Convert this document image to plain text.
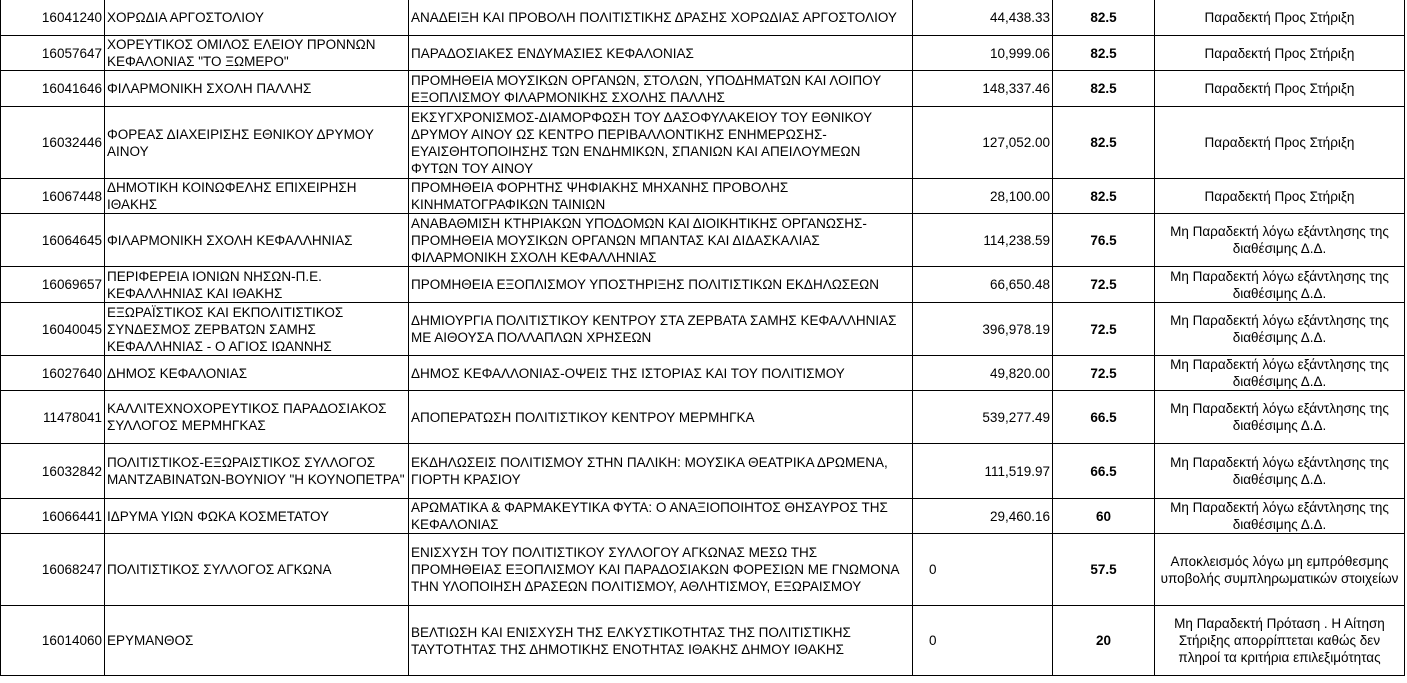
16041240	ΧΟΡΩΔΙΑ ΑΡΓΟΣΤΟΛΙΟΥ	ΑΝΑΔΕΙΞΗ ΚΑΙ ΠΡΟΒΟΛΗ ΠΟΛΙΤΙΣΤΙΚΗΣ ΔΡΑΣΗΣ ΧΟΡΩΔΙΑΣ ΑΡΓΟΣΤΟΛΙΟΥ	44,438.33	82.5	Παραδεκτή Προς Στήριξη
16057647	ΧΟΡΕΥΤΙΚΟΣ ΟΜΙΛΟΣ ΕΛΕΙΟΥ ΠΡΟΝΝΩΝ ΚΕΦΑΛΟΝΙΑΣ "ΤΟ ΞΩΜΕΡΟ"	ΠΑΡΑΔΟΣΙΑΚΕΣ ΕΝΔΥΜΑΣΙΕΣ ΚΕΦΑΛΟΝΙΑΣ	10,999.06	82.5	Παραδεκτή Προς Στήριξη
16041646	ΦΙΛΑΡΜΟΝΙΚΗ ΣΧΟΛΗ ΠΑΛΛΗΣ	ΠΡΟΜΗΘΕΙΑ ΜΟΥΣΙΚΩΝ ΟΡΓΑΝΩΝ, ΣΤΟΛΩΝ, ΥΠΟΔΗΜΑΤΩΝ ΚΑΙ ΛΟΙΠΟΥ ΕΞΟΠΛΙΣΜΟΥ ΦΙΛΑΡΜΟΝΙΚΗΣ ΣΧΟΛΗΣ ΠΑΛΛΗΣ	148,337.46	82.5	Παραδεκτή Προς Στήριξη
16032446	ΦΟΡΕΑΣ ΔΙΑΧΕΙΡΙΣΗΣ ΕΘΝΙΚΟΥ ΔΡΥΜΟΥ ΑΙΝΟΥ	ΕΚΣΥΓΧΡΟΝΙΣΜΟΣ-ΔΙΑΜΟΡΦΩΣΗ ΤΟΥ ΔΑΣΟΦΥΛΑΚΕΙΟΥ ΤΟΥ ΕΘΝΙΚΟΥ ΔΡΥΜΟΥ ΑΙΝΟΥ ΩΣ ΚΕΝΤΡΟ ΠΕΡΙΒΑΛΛΟΝΤΙΚΗΣ ΕΝΗΜΕΡΩΣΗΣ-ΕΥΑΙΣΘΗΤΟΠΟΙΗΣΗΣ ΤΩΝ ΕΝΔΗΜΙΚΩΝ, ΣΠΑΝΙΩΝ ΚΑΙ ΑΠΕΙΛΟΥΜΕΩΝ ΦΥΤΩΝ ΤΟΥ ΑΙΝΟΥ	127,052.00	82.5	Παραδεκτή Προς Στήριξη
16067448	ΔΗΜΟΤΙΚΗ ΚΟΙΝΩΦΕΛΗΣ ΕΠΙΧΕΙΡΗΣΗ ΙΘΑΚΗΣ	ΠΡΟΜΗΘΕΙΑ ΦΟΡΗΤΗΣ ΨΗΦΙΑΚΗΣ ΜΗΧΑΝΗΣ ΠΡΟΒΟΛΗΣ ΚΙΝΗΜΑΤΟΓΡΑΦΙΚΩΝ ΤΑΙΝΙΩΝ	28,100.00	82.5	Παραδεκτή Προς Στήριξη
16064645	ΦΙΛΑΡΜΟΝΙΚΗ ΣΧΟΛΗ ΚΕΦΑΛΛΗΝΙΑΣ	ΑΝΑΒΑΘΜΙΣΗ ΚΤΗΡΙΑΚΩΝ ΥΠΟΔΟΜΩΝ ΚΑΙ ΔΙΟΙΚΗΤΙΚΗΣ ΟΡΓΑΝΩΣΗΣ-ΠΡΟΜΗΘΕΙΑ ΜΟΥΣΙΚΩΝ ΟΡΓΑΝΩΝ ΜΠΑΝΤΑΣ ΚΑΙ ΔΙΔΑΣΚΑΛΙΑΣ ΦΙΛΑΡΜΟΝΙΚΗ ΣΧΟΛΗ ΚΕΦΑΛΛΗΝΙΑΣ	114,238.59	76.5	Μη Παραδεκτή λόγω εξάντλησης της διαθέσιμης Δ.Δ.
16069657	ΠΕΡΙΦΕΡΕΙΑ ΙΟΝΙΩΝ ΝΗΣΩΝ-Π.Ε. ΚΕΦΑΛΛΗΝΙΑΣ ΚΑΙ ΙΘΑΚΗΣ	ΠΡΟΜΗΘΕΙΑ ΕΞΟΠΛΙΣΜΟΥ ΥΠΟΣΤΗΡΙΞΗΣ ΠΟΛΙΤΙΣΤΙΚΩΝ ΕΚΔΗΛΩΣΕΩΝ	66,650.48	72.5	Μη Παραδεκτή λόγω εξάντλησης της διαθέσιμης Δ.Δ.
16040045	ΕΞΩΡΑΪΣΤΙΚΟΣ ΚΑΙ ΕΚΠΟΛΙΤΙΣΤΙΚΟΣ ΣΥΝΔΕΣΜΟΣ ΖΕΡΒΑΤΩΝ ΣΑΜΗΣ ΚΕΦΑΛΛΗΝΙΑΣ - Ο ΑΓΙΟΣ ΙΩΑΝΝΗΣ	ΔΗΜΙΟΥΡΓΙΑ ΠΟΛΙΤΙΣΤΙΚΟΥ ΚΕΝΤΡΟΥ ΣΤΑ ΖΕΡΒΑΤΑ ΣΑΜΗΣ ΚΕΦΑΛΛΗΝΙΑΣ ΜΕ ΑΙΘΟΥΣΑ ΠΟΛΛΑΠΛΩΝ ΧΡΗΣΕΩΝ	396,978.19	72.5	Μη Παραδεκτή λόγω εξάντλησης της διαθέσιμης Δ.Δ.
16027640	ΔΗΜΟΣ ΚΕΦΑΛΟΝΙΑΣ	ΔΗΜΟΣ ΚΕΦΑΛΛΟΝΙΑΣ-ΟΨΕΙΣ ΤΗΣ ΙΣΤΟΡΙΑΣ ΚΑΙ ΤΟΥ ΠΟΛΙΤΙΣΜΟΥ	49,820.00	72.5	Μη Παραδεκτή λόγω εξάντλησης της διαθέσιμης Δ.Δ.
11478041	ΚΑΛΛΙΤΕΧΝΟΧΟΡΕΥΤΙΚΟΣ ΠΑΡΑΔΟΣΙΑΚΟΣ ΣΥΛΛΟΓΟΣ ΜΕΡΜΗΓΚΑΣ	ΑΠΟΠΕΡΑΤΩΣΗ ΠΟΛΙΤΙΣΤΙΚΟΥ ΚΕΝΤΡΟΥ ΜΕΡΜΗΓΚΑ	539,277.49	66.5	Μη Παραδεκτή λόγω εξάντλησης της διαθέσιμης Δ.Δ.
16032842	ΠΟΛΙΤΙΣΤΙΚΟΣ-ΕΞΩΡΑΙΣΤΙΚΟΣ ΣΥΛΛΟΓΟΣ ΜΑΝΤΖΑΒΙΝΑΤΩΝ-ΒΟΥΝΙΟΥ "Η ΚΟΥΝΟΠΕΤΡΑ"	ΕΚΔΗΛΩΣΕΙΣ ΠΟΛΙΤΙΣΜΟΥ ΣΤΗΝ ΠΑΛΙΚΗ: ΜΟΥΣΙΚΑ ΘΕΑΤΡΙΚΑ ΔΡΩΜΕΝΑ, ΓΙΟΡΤΗ ΚΡΑΣΙΟΥ	111,519.97	66.5	Μη Παραδεκτή λόγω εξάντλησης της διαθέσιμης Δ.Δ.
16066441	ΙΔΡΥΜΑ ΥΙΩΝ ΦΩΚΑ ΚΟΣΜΕΤΑΤΟΥ	ΑΡΩΜΑΤΙΚΑ & ΦΑΡΜΑΚΕΥΤΙΚΑ ΦΥΤΑ: Ο ΑΝΑΞΙΟΠΟΙΗΤΟΣ ΘΗΣΑΥΡΟΣ ΤΗΣ ΚΕΦΑΛΟΝΙΑΣ	29,460.16	60	Μη Παραδεκτή λόγω εξάντλησης της διαθέσιμης Δ.Δ.
16068247	ΠΟΛΙΤΙΣΤΙΚΟΣ ΣΥΛΛΟΓΟΣ ΑΓΚΩΝΑ	ΕΝΙΣΧΥΣΗ ΤΟΥ ΠΟΛΙΤΙΣΤΙΚΟΥ ΣΥΛΛΟΓΟΥ ΑΓΚΩΝΑΣ ΜΕΣΩ ΤΗΣ ΠΡΟΜΗΘΕΙΑΣ ΕΞΟΠΛΙΣΜΟΥ ΚΑΙ ΠΑΡΑΔΟΣΙΑΚΩΝ ΦΟΡΕΣΙΩΝ ΜΕ ΓΝΩΜΟΝΑ ΤΗΝ ΥΛΟΠΟΙΗΣΗ ΔΡΑΣΕΩΝ ΠΟΛΙΤΙΣΜΟΥ, ΑΘΛΗΤΙΣΜΟΥ, ΕΞΩΡΑΙΣΜΟΥ	0	57.5	Αποκλεισμός λόγω μη εμπρόθεσμης υποβολής συμπληρωματικών στοιχείων
16014060	ΕΡΥΜΑΝΘΟΣ	ΒΕΛΤΙΩΣΗ ΚΑΙ ΕΝΙΣΧΥΣΗ ΤΗΣ ΕΛΚΥΣΤΙΚΟΤΗΤΑΣ ΤΗΣ ΠΟΛΙΤΙΣΤΙΚΗΣ ΤΑΥΤΟΤΗΤΑΣ ΤΗΣ ΔΗΜΟΤΙΚΗΣ ΕΝΟΤΗΤΑΣ ΙΘΑΚΗΣ ΔΗΜΟΥ ΙΘΑΚΗΣ	0	20	Μη Παραδεκτή Πρόταση . Η Αίτηση Στήριξης απορρίπτεται καθώς δεν πληροί τα κριτήρια επιλεξιμότητας
